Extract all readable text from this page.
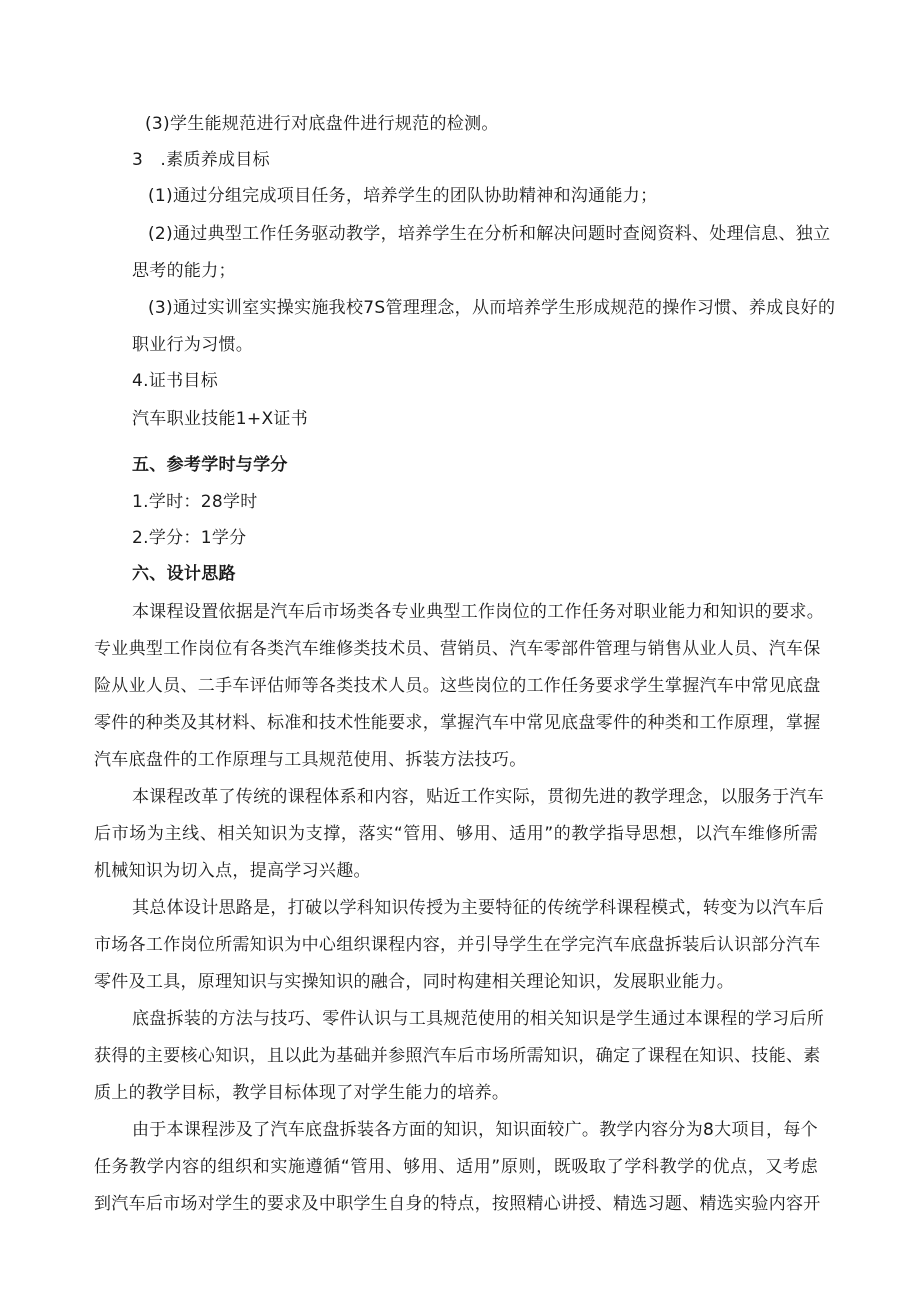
(3)学生能规范进行对底盘件进行规范的检测。
3　.素质养成目标
(1)通过分组完成项目任务，培养学生的团队协助精神和沟通能力；
(2)通过典型工作任务驱动教学，培养学生在分析和解决问题时查阅资料、处理信息、独立
思考的能力；
(3)通过实训室实操实施我校7S管理理念，从而培养学生形成规范的操作习惯、养成良好的
职业行为习惯。
4.证书目标
汽车职业技能1+X证书
五、参考学时与学分
1.学时：28学时
2.学分：1学分
六、设计思路
本课程设置依据是汽车后市场类各专业典型工作岗位的工作任务对职业能力和知识的要求。
专业典型工作岗位有各类汽车维修类技术员、营销员、汽车零部件管理与销售从业人员、汽车保
险从业人员、二手车评估师等各类技术人员。这些岗位的工作任务要求学生掌握汽车中常见底盘
零件的种类及其材料、标准和技术性能要求，掌握汽车中常见底盘零件的种类和工作原理，掌握
汽车底盘件的工作原理与工具规范使用、拆装方法技巧。
本课程改革了传统的课程体系和内容，贴近工作实际，贯彻先进的教学理念，以服务于汽车
后市场为主线、相关知识为支撑，落实“管用、够用、适用”的教学指导思想，以汽车维修所需
机械知识为切入点，提高学习兴趣。
其总体设计思路是，打破以学科知识传授为主要特征的传统学科课程模式，转变为以汽车后
市场各工作岗位所需知识为中心组织课程内容，并引导学生在学完汽车底盘拆装后认识部分汽车
零件及工具，原理知识与实操知识的融合，同时构建相关理论知识，发展职业能力。
底盘拆装的方法与技巧、零件认识与工具规范使用的相关知识是学生通过本课程的学习后所
获得的主要核心知识，且以此为基础并参照汽车后市场所需知识，确定了课程在知识、技能、素
质上的教学目标，教学目标体现了对学生能力的培养。
由于本课程涉及了汽车底盘拆装各方面的知识，知识面较广。教学内容分为8大项目，每个
任务教学内容的组织和实施遵循“管用、够用、适用”原则，既吸取了学科教学的优点，又考虑
到汽车后市场对学生的要求及中职学生自身的特点，按照精心讲授、精选习题、精选实验内容开
